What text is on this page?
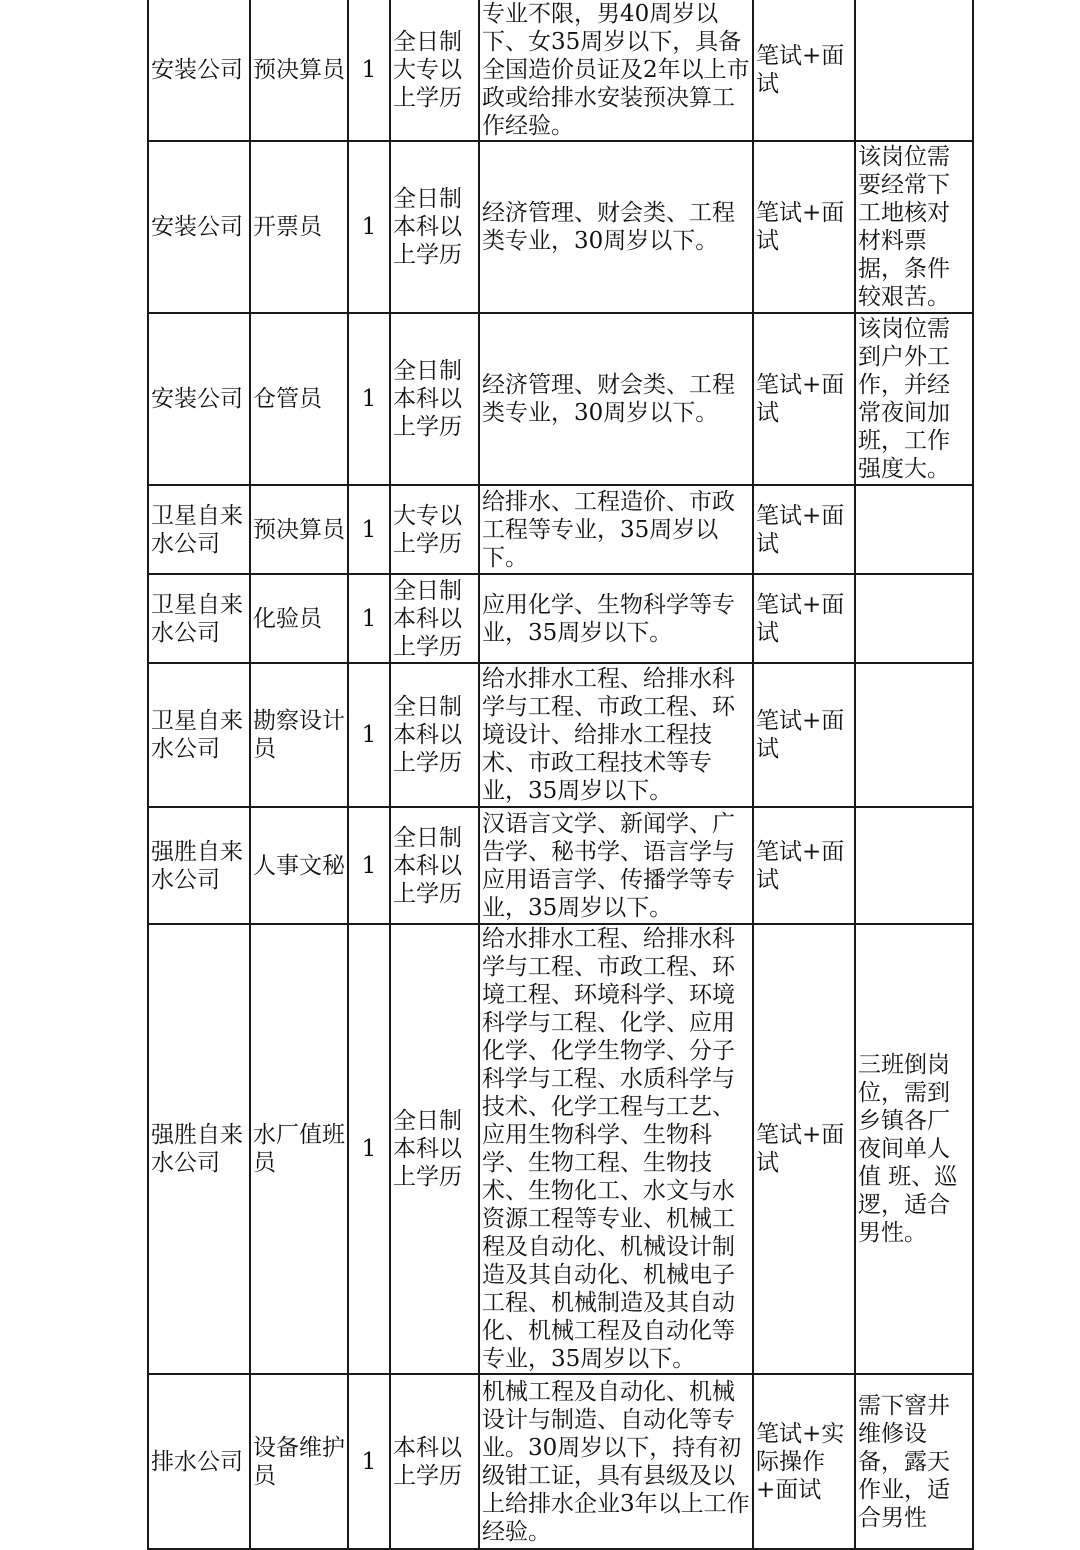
安装公司	预决算员	1	全日制大专以上学历	专业不限，男40周岁以下、女35周岁以下，具备全国造价员证及2年以上市政或给排水安装预决算工作经验。	笔试+面试	
安装公司	开票员	1	全日制本科以上学历	经济管理、财会类、工程类专业，30周岁以下。	笔试+面试	该岗位需要经常下工地核对材料票据，条件较艰苦。
安装公司	仓管员	1	全日制本科以上学历	经济管理、财会类、工程类专业，30周岁以下。	笔试+面试	该岗位需到户外工作，并经常夜间加班，工作强度大。
卫星自来水公司	预决算员	1	大专以上学历	给排水、工程造价、市政工程等专业，35周岁以下。	笔试+面试	
卫星自来水公司	化验员	1	全日制本科以上学历	应用化学、生物科学等专业，35周岁以下。	笔试+面试	
卫星自来水公司	勘察设计员	1	全日制本科以上学历	给水排水工程、给排水科学与工程、市政工程、环境设计、给排水工程技术、市政工程技术等专业，35周岁以下。	笔试+面试	
强胜自来水公司	人事文秘	1	全日制本科以上学历	汉语言文学、新闻学、广告学、秘书学、语言学与应用语言学、传播学等专业，35周岁以下。	笔试+面试	
强胜自来水公司	水厂值班员	1	全日制本科以上学历	给水排水工程、给排水科学与工程、市政工程、环境工程、环境科学、环境科学与工程、化学、应用化学、化学生物学、分子科学与工程、水质科学与技术、化学工程与工艺、应用生物科学、生物科学、生物工程、生物技术、生物化工、水文与水资源工程等专业、机械工程及自动化、机械设计制造及其自动化、机械电子工程、机械制造及其自动化、机械工程及自动化等专业，35周岁以下。	笔试+面试	三班倒岗位，需到乡镇各厂夜间单人值 班、巡逻，适合男性。
排水公司	设备维护员	1	本科以上学历	机械工程及自动化、机械设计与制造、自动化等专业。30周岁以下，持有初级钳工证，具有县级及以上给排水企业3年以上工作经验。	笔试+实际操作+面试	需下窨井维修设备，露天作业，适合男性
